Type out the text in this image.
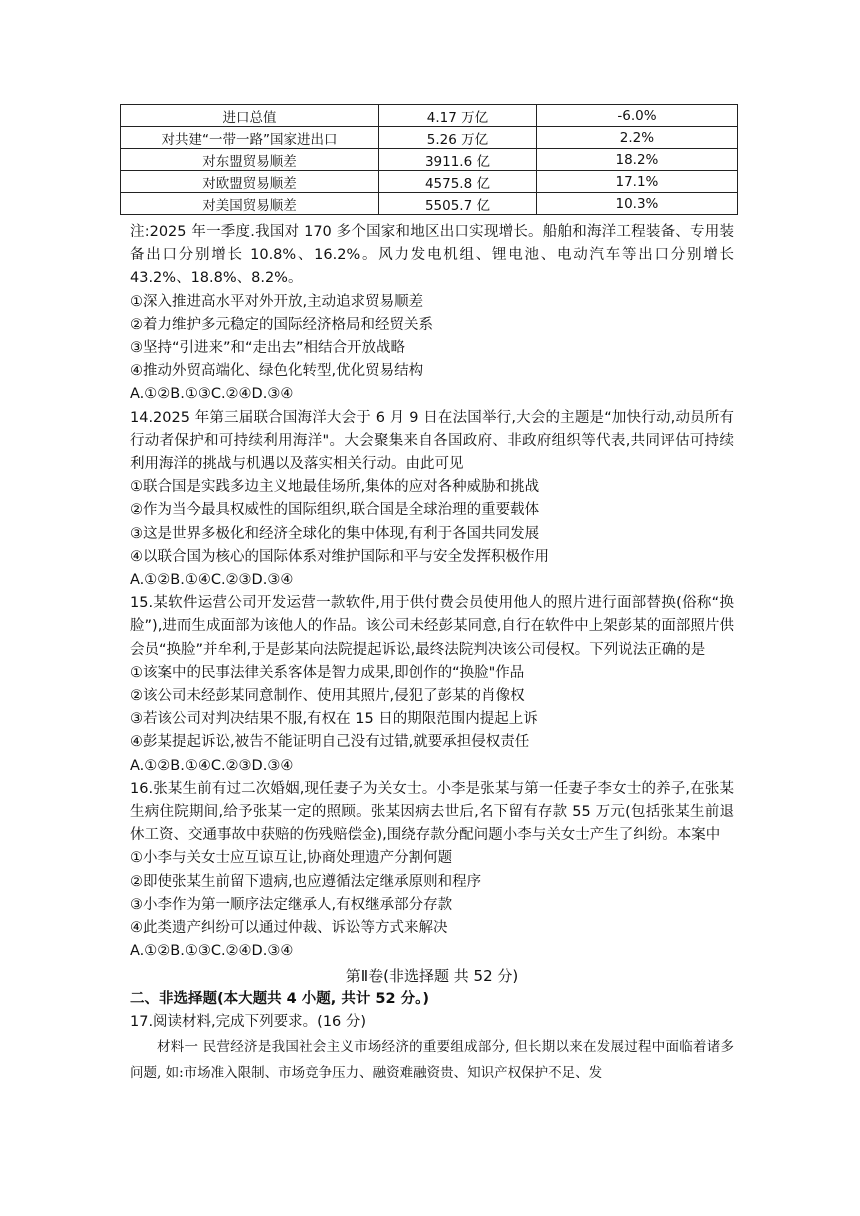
进口总值	4.17 万亿	-6.0%
对共建“一带一路”国家进出口	5.26 万亿	2.2%
对东盟贸易顺差	3911.6 亿	18.2%
对欧盟贸易顺差	4575.8 亿	17.1%
对美国贸易顺差	5505.7 亿	10.3%
注:2025 年一季度.我国对 170 多个国家和地区出口实现增长。船舶和海洋工程装备、专用装备出口分别增长 10.8%、16.2%。风力发电机组、锂电池、电动汽车等出口分别增长 43.2%、18.8%、8.2%。
①深入推进高水平对外开放,主动追求贸易顺差
②着力维护多元稳定的国际经济格局和经贸关系
③坚持“引进来”和“走出去”相结合开放战略
④推动外贸高端化、绿色化转型,优化贸易结构
A.①②B.①③C.②④D.③④
14.2025 年第三届联合国海洋大会于 6 月 9 日在法国举行,大会的主题是“加快行动,动员所有行动者保护和可持续利用海洋"。大会聚集来自各国政府、非政府组织等代表,共同评估可持续利用海洋的挑战与机遇以及落实相关行动。由此可见
①联合国是实践多边主义地最佳场所,集体的应对各种威胁和挑战
②作为当今最具权威性的国际组织,联合国是全球治理的重要载体
③这是世界多极化和经济全球化的集中体现,有利于各国共同发展
④以联合国为核心的国际体系对维护国际和平与安全发挥积极作用
A.①②B.①④C.②③D.③④
15.某软件运营公司开发运营一款软件,用于供付费会员使用他人的照片进行面部替换(俗称“换脸”),进而生成面部为该他人的作品。该公司未经彭某同意,自行在软件中上架彭某的面部照片供会员“换脸”并牟利,于是彭某向法院提起诉讼,最终法院判决该公司侵权。下列说法正确的是
①该案中的民事法律关系客体是智力成果,即创作的“换脸"作品
②该公司未经彭某同意制作、使用其照片,侵犯了彭某的肖像权
③若该公司对判决结果不服,有权在 15 日的期限范围内提起上诉
④彭某提起诉讼,被告不能证明自己没有过错,就要承担侵权责任
A.①②B.①④C.②③D.③④
16.张某生前有过二次婚姻,现任妻子为关女士。小李是张某与第一任妻子李女士的养子,在张某生病住院期间,给予张某一定的照顾。张某因病去世后,名下留有存款 55 万元(包括张某生前退休工资、交通事故中获赔的伤残赔偿金),围绕存款分配问题小李与关女士产生了纠纷。本案中
①小李与关女士应互谅互让,协商处理遗产分割何题
②即使张某生前留下遗病,也应遵循法定继承原则和程序
③小李作为第一顺序法定继承人,有权继承部分存款
④此类遗产纠纷可以通过仲裁、诉讼等方式来解决
A.①②B.①③C.②④D.③④
第Ⅱ卷(非选择题 共 52 分)
二、非选择题(本大题共 4 小题, 共计 52 分。)
17.阅读材料,完成下列要求。(16 分)
材料一 民营经济是我国社会主义市场经济的重要组成部分, 但长期以来在发展过程中面临着诸多问题, 如:市场准入限制、市场竞争压力、融资难融资贵、知识产权保护不足、发
